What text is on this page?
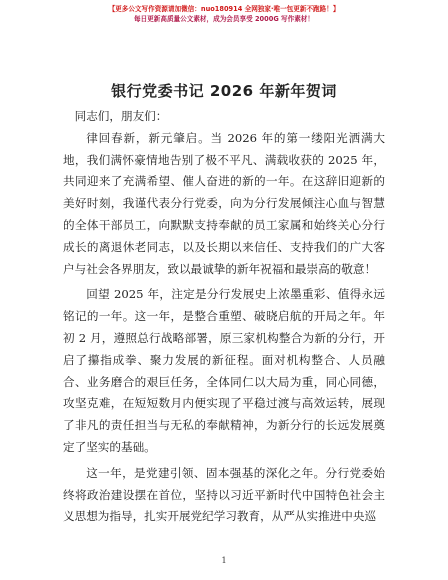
【更多公文写作资源请加微信：nuo180914 全网独家·唯一包更新不跑路！】
每日更新高质量公文素材，成为会员享受 2000G 写作素材！
银行党委书记 2026 年新年贺词

同志们，朋友们：

律回春新，新元肇启。当 2026 年的第一缕阳光洒满大地，我们满怀豪情地告别了极不平凡、满载收获的 2025 年，共同迎来了充满希望、催人奋进的新的一年。在这辞旧迎新的美好时刻，我谨代表分行党委，向为分行发展倾注心血与智慧的全体干部员工，向默默支持奉献的员工家属和始终关心分行成长的离退休老同志，以及长期以来信任、支持我们的广大客户与社会各界朋友，致以最诚挚的新年祝福和最崇高的敬意！

回望 2025 年，注定是分行发展史上浓墨重彩、值得永远铭记的一年。这一年，是整合重塑、破晓启航的开局之年。年初 2 月，遵照总行战略部署，原三家机构整合为新的分行，开启了攥指成拳、聚力发展的新征程。面对机构整合、人员融合、业务磨合的艰巨任务，全体同仁以大局为重，同心同德，攻坚克难，在短短数月内便实现了平稳过渡与高效运转，展现了非凡的责任担当与无私的奉献精神，为新分行的长远发展奠定了坚实的基础。

这一年，是党建引领、固本强基的深化之年。分行党委始终将政治建设摆在首位，坚持以习近平新时代中国特色社会主义思想为指导，扎实开展党纪学习教育，从严从实推进中央巡

1
